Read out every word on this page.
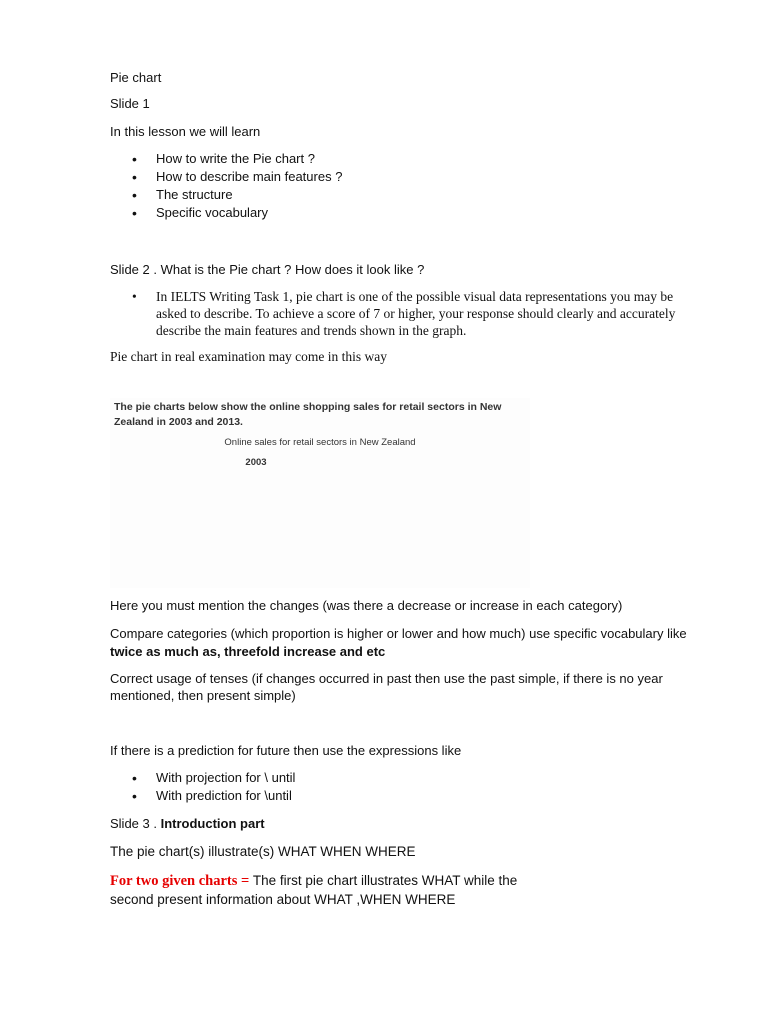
Pie chart
Slide 1
In this lesson we will learn
• How to write the Pie chart ?
• How to describe main features ?
• The structure
• Specific vocabulary
Slide 2 . What is the Pie chart ? How does it look like ?
• In IELTS Writing Task 1, pie chart is one of the possible visual data representations you may be asked to describe. To achieve a score of 7 or higher, your response should clearly and accurately describe the main features and trends shown in the graph.
Pie chart in real examination may come in this way
The pie charts below show the online shopping sales for retail sectors in New Zealand in 2003 and 2013.
Online sales for retail sectors in New Zealand
2003
Here you must mention the changes (was there a decrease or increase in each category)
Compare categories (which proportion is higher or lower and how much) use specific vocabulary like
twice as much as, threefold increase and etc
Correct usage of tenses (if changes occurred in past then use the past simple, if there is no year mentioned, then present simple)
If there is a prediction for future then use the expressions like
• With projection for \ until
• With prediction for \until
Slide 3 . Introduction part
The pie chart(s) illustrate(s) WHAT WHEN WHERE
For two given charts = The first pie chart illustrates WHAT while the
second present information about WHAT ,WHEN WHERE
